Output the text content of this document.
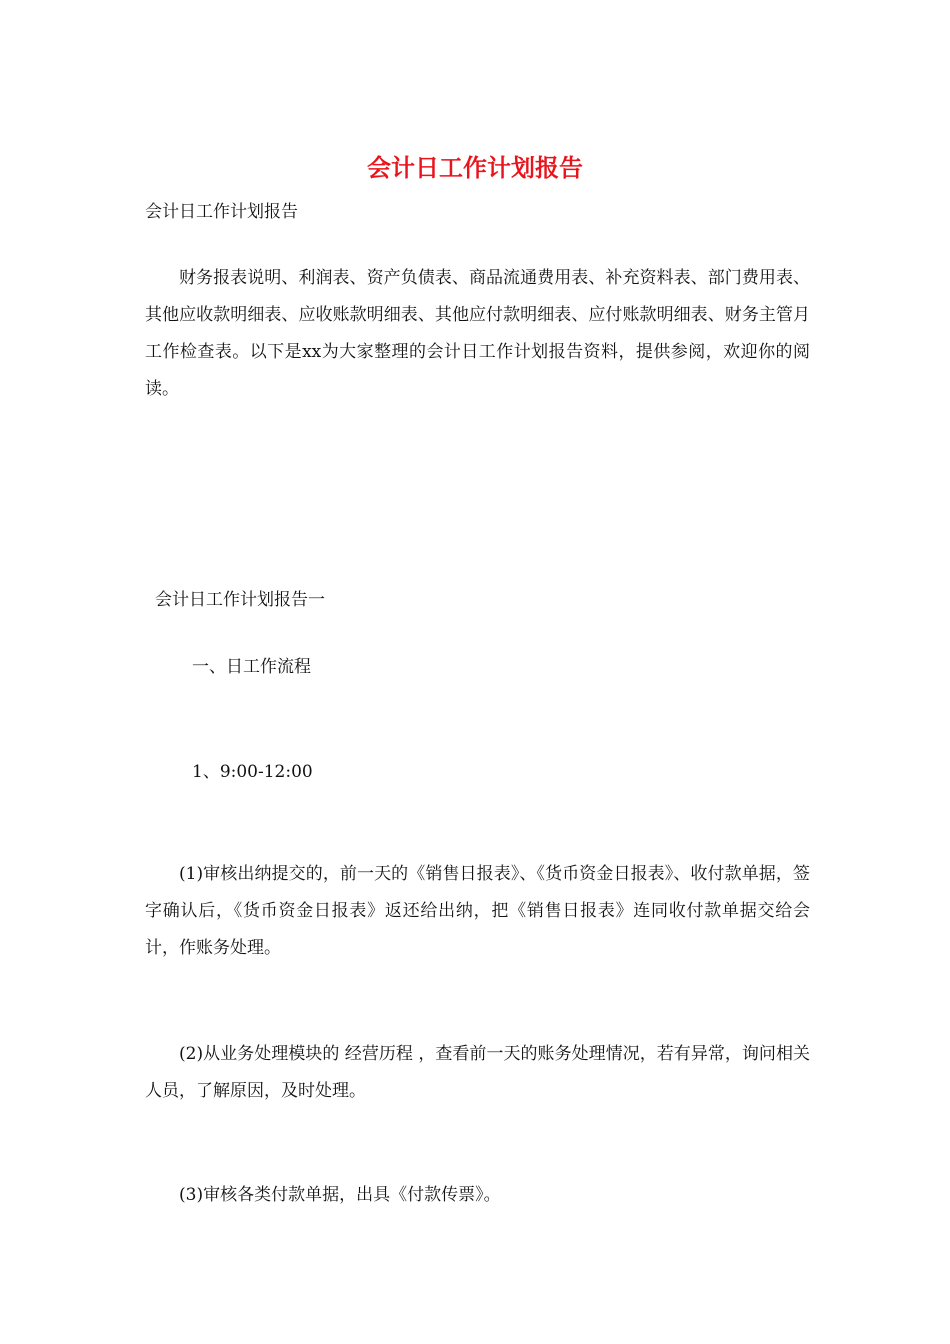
会计日工作计划报告
会计日工作计划报告

财务报表说明、利润表、资产负债表、商品流通费用表、补充资料表、部门费用表、其他应收款明细表、应收账款明细表、其他应付款明细表、应付账款明细表、财务主管月工作检查表。以下是xx为大家整理的会计日工作计划报告资料，提供参阅，欢迎你的阅读。

会计日工作计划报告一
一、日工作流程
1、9:00-12:00

(1)审核出纳提交的，前一天的《销售日报表》、《货币资金日报表》、收付款单据，签字确认后，《货币资金日报表》返还给出纳，把《销售日报表》连同收付款单据交给会计，作账务处理。

(2)从业务处理模块的 经营历程 ，查看前一天的账务处理情况，若有异常，询问相关人员，了解原因，及时处理。

(3)审核各类付款单据，出具《付款传票》。
